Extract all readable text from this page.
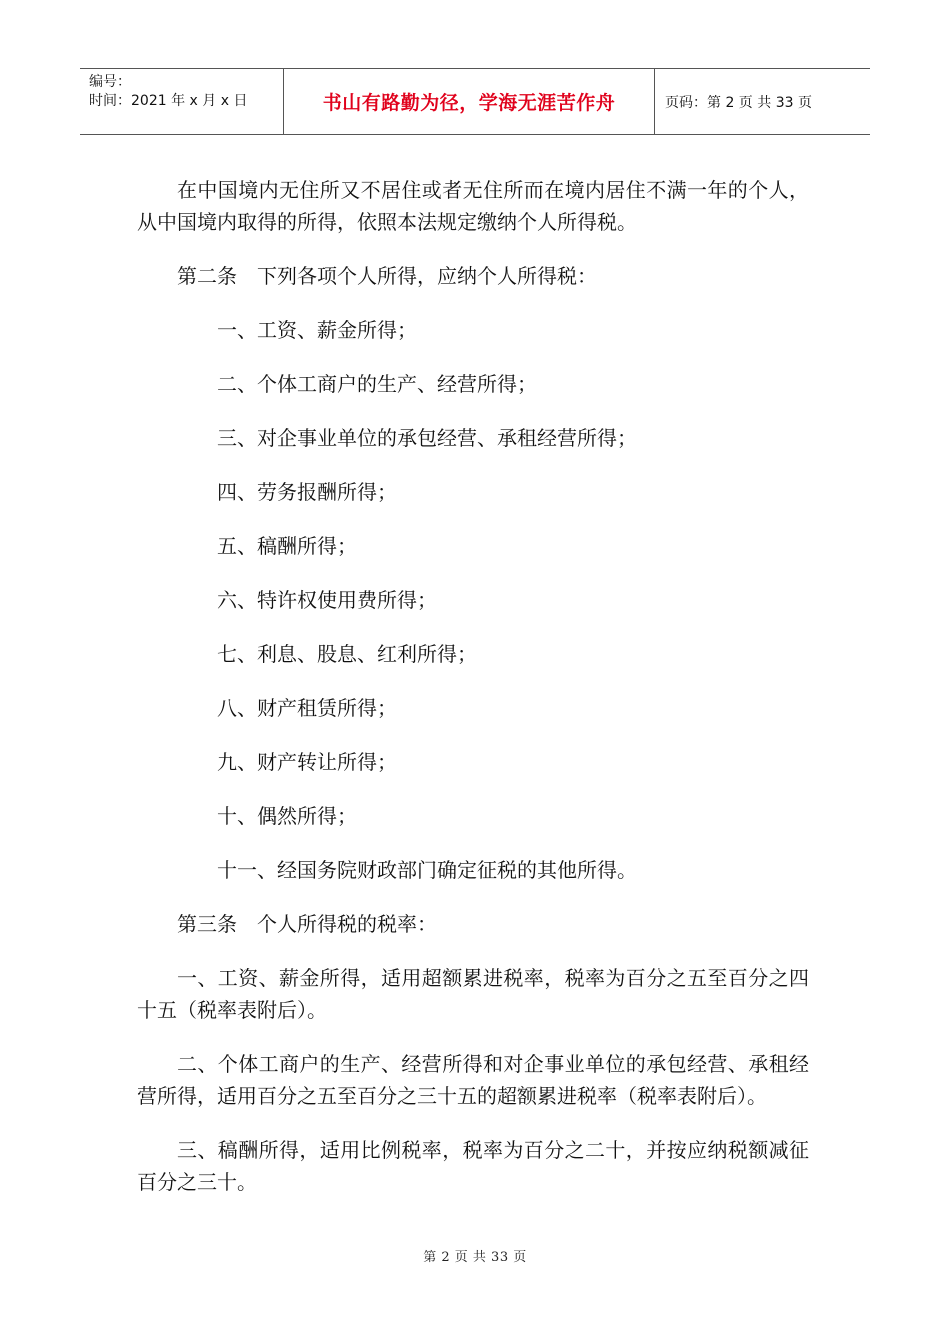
编号：
时间：2021 年 x 月 x 日	书山有路勤为径，学海无涯苦作舟	页码：第 2 页 共 33 页

在中国境内无住所又不居住或者无住所而在境内居住不满一年的个人，从中国境内取得的所得，依照本法规定缴纳个人所得税。

第二条　下列各项个人所得，应纳个人所得税：

一、工资、薪金所得；

二、个体工商户的生产、经营所得；

三、对企事业单位的承包经营、承租经营所得；

四、劳务报酬所得；

五、稿酬所得；

六、特许权使用费所得；

七、利息、股息、红利所得；

八、财产租赁所得；

九、财产转让所得；

十、偶然所得；

十一、经国务院财政部门确定征税的其他所得。

第三条　个人所得税的税率：

一、工资、薪金所得，适用超额累进税率，税率为百分之五至百分之四十五（税率表附后）。

二、个体工商户的生产、经营所得和对企事业单位的承包经营、承租经营所得，适用百分之五至百分之三十五的超额累进税率（税率表附后）。

三、稿酬所得，适用比例税率，税率为百分之二十，并按应纳税额减征百分之三十。

第 2 页 共 33 页
